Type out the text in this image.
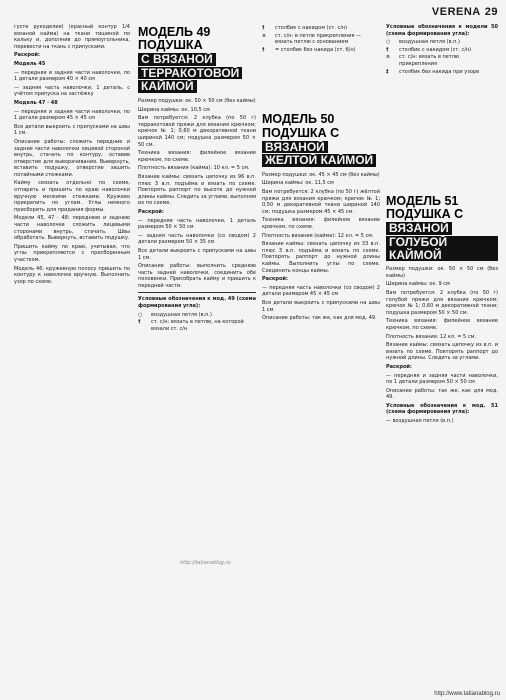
VERENA 29

густе рукоделия) (красный контур 1/4 вязаной кайма) на ткани тишиной по кальку и, дополнив до прямоугольника, перевести на ткань с припусками.

Раскрой:

Модель 45

— передняя и задняя части наволочки, по 1 детали размером 40 × 40 см

— задняя часть наволочки, 1 деталь, с учётом припуска на застёжку

Модель 47 · 48

— передняя и задняя части наволочки, по 1 детали размером 45 × 45 см

Все детали выкроить с припусками на швы 1 см.

Описание работы: сложить передние и задние части наволочки лицевой стороной внутрь, стачать по контуру, оставив отверстие для выворачивания. Вывернуть, вставить подушку, отверстие зашить потайными стежками.

Кайму связать отдельно по схеме, отпарить и пришить по краю наволочки вручную мелкими стежками. Кружево прикрепить по углам. Углы немного присборить для придания формы.

Модели 45, 47 · 48: переднюю и заднюю части наволочки сложить лицевыми сторонами внутрь, стачать. Швы обработать. Вывернуть, вставить подушку.

Пришить кайму по краю, учитывая, что углы прикрепляются с присборенным участком.

Модель 46: кружевную полосу пришить по контуру к наволочке вручную. Выполнить узор по схеме.

МОДЕЛЬ 49
ПОДУШКА
С ВЯЗАНОЙ
ТЕРРАКОТОВОЙ
КАЙМОЙ

Размер подушки: ок. 50 × 50 см (без каймы)

Ширина каймы: ок. 10,5 см

Вам потребуется: 2 клубка (по 50 г) терракотовой пряжи для вязания крючком; крючок № 1; 0,60 м декоративной ткани шириной 140 см; подушка размером 50 × 50 см.

Техника вязания: филейное вязание крючком, по схеме.

Плотность вязания (кайма): 10 кл. = 5 см.

Вязание каймы: связать цепочку из 96 в.п. плюс 3 в.п. подъёма и вязать по схеме. Повторять раппорт по высоте до нужной длины каймы. Следить за углами, выполняя их по схеме.

Раскрой:

— передняя часть наволочки, 1 деталь размером 50 × 50 см

— задняя часть наволочки (со сводом) 2 детали размером 50 × 35 см

Все детали выкроить с припусками на швы 1 см.

Описание работы: выполнить среднюю часть задней наволочки, соединить обе половинки. Присобрать кайму и пришить к передней части.

Условные обозначения к мод. 49 (схема формирования угла):

○	воздушная петля (в.п.)
†	ст. с/н: вязать в петлю, на которой вязали ст. с/н
†	столбик с накидом (ст. с/н)
∩	ст. с/н: в петле прикрепления — вязать петлю с основанием
†	= столбик без накида (ст. б/н)
МОДЕЛЬ 50
ПОДУШКА С
ВЯЗАНОЙ
ЖЕЛТОЙ КАЙМОЙ

Размер подушки: ок. 45 × 45 см (без каймы)

Ширина каймы: ок. 11,5 см

Вам потребуется: 2 клубка (по 50 г) жёлтой пряжи для вязания крючком; крючок № 1; 0,50 м декоративной ткани шириной 140 см; подушка размером 45 × 45 см.

Техника вязания: филейное вязание крючком, по схеме.

Плотность вязания (кайма): 12 кл. = 5 см.

Вязание каймы: связать цепочку из 33 в.п. плюс 3 в.п. подъёма и вязать по схеме. Повторять раппорт до нужной длины каймы. Выполнить углы по схеме. Соединить концы каймы.

Раскрой:

— передняя часть наволочки (со сводом) 2 детали размером 45 × 45 см

Все детали выкроить с припусками на швы 1 см.

Описание работы: так же, как для мод. 49.

Условные обозначения к модели 50 (схема формирования угла):

○	воздушная петля (в.п.)
†	столбик с накидом (ст. с/н)
∩	ст. с/н: вязать в петлю прикрепления
‡	столбик без накида при узоре
МОДЕЛЬ 51
ПОДУШКА С
ВЯЗАНОЙ
ГОЛУБОЙ КАЙМОЙ

Размер подушки: ок. 50 × 50 см (без каймы)

Ширина каймы: ок. 9 см

Вам потребуется: 2 клубка (по 50 г) голубой пряжи для вязания крючком; крючок № 1; 0,60 м декоративной ткани; подушка размером 50 × 50 см.

Техника вязания: филейное вязание крючком, по схеме.

Плотность вязания: 12 кл. = 5 см.

Вязание каймы: связать цепочку из в.п. и вязать по схеме. Повторять раппорт до нужной длины. Следить за углами.

Раскрой:

— передняя и задняя части наволочки, по 1 детали размером 50 × 50 см

Описание работы: так же, как для мод. 49.

Условные обозначения к мод. 51 (схема формирования угла):

— воздушная петля (в.п.)

http://tatianablog.ru
http://www.tatianablog.ru
